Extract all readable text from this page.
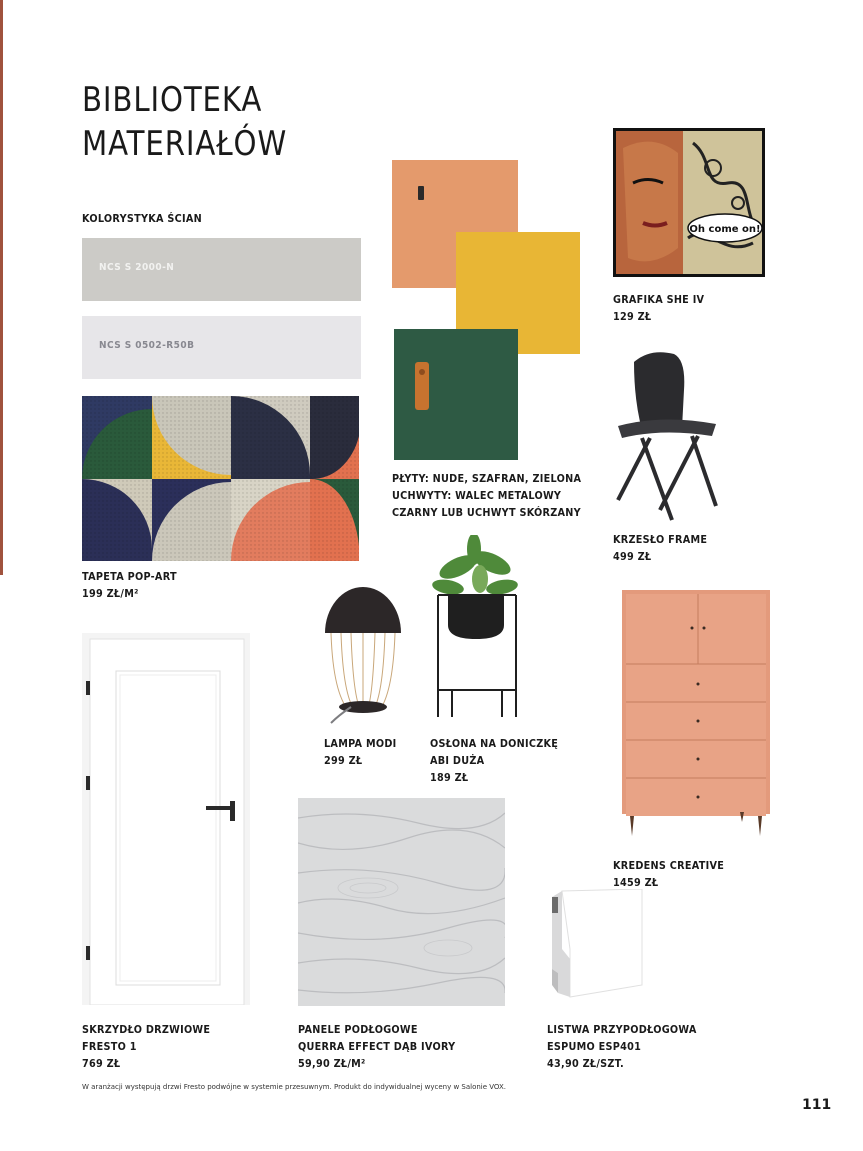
BIBLIOTEKA
MATERIAŁÓW
KOLORYSTYKA ŚCIAN
NCS S 2000-N
NCS S 0502-R50B
TAPETA POP-ART
199 ZŁ/M²
PŁYTY: NUDE, SZAFRAN, ZIELONA
UCHWYTY: WALEC METALOWY
CZARNY LUB UCHWYT SKÓRZANY
Oh come on!
GRAFIKA SHE IV
129 ZŁ
KRZESŁO FRAME
499 ZŁ
LAMPA MODI
299 ZŁ
OSŁONA NA DONICZKĘ
ABI DUŻA
189 ZŁ
KREDENS CREATIVE
1459 ZŁ
SKRZYDŁO DRZWIOWE
FRESTO 1
769 ZŁ
PANELE PODŁOGOWE
QUERRA EFFECT DĄB IVORY
59,90 ZŁ/M²
LISTWA PRZYPODŁOGOWA
ESPUMO ESP401
43,90 ZŁ/SZT.
W aranżacji występują drzwi Fresto podwójne w systemie przesuwnym. Produkt do indywidualnej wyceny w Salonie VOX.
111
